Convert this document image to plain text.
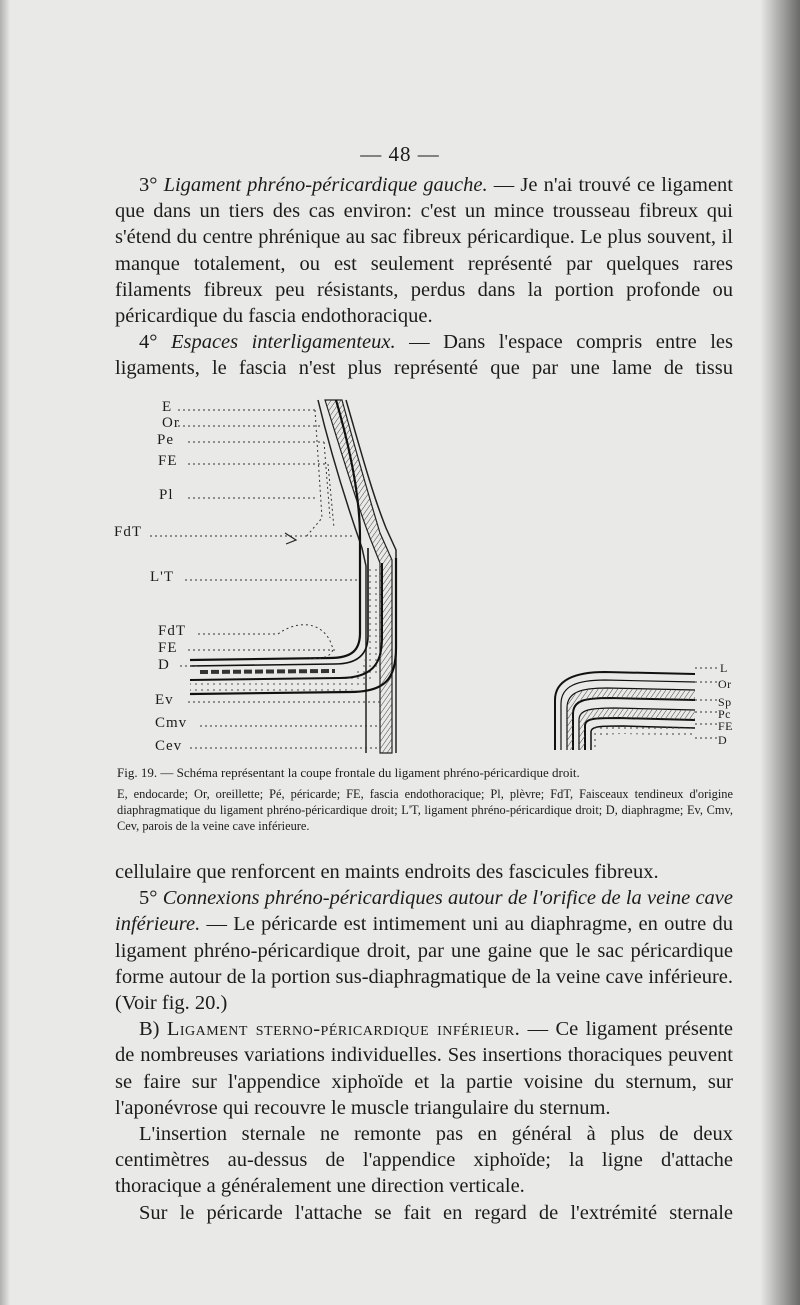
— 48 —

3° Ligament phréno-péricardique gauche. — Je n'ai trouvé ce ligament que dans un tiers des cas environ: c'est un mince trousseau fibreux qui s'étend du centre phrénique au sac fibreux péricardique. Le plus souvent, il manque totalement, ou est seulement représenté par quelques rares filaments fibreux peu résistants, perdus dans la portion profonde ou péricardique du fascia endothoracique.

4° Espaces interligamenteux. — Dans l'espace compris entre les ligaments, le fascia n'est plus représenté que par une lame de tissu

E
Or
Pe
FE
Pl
FdT
L'T
FdT
FE
D
Ev
Cmv
Cev
L
Or
Sp
Pc
FE
D
Fig. 19. — Schéma représentant la coupe frontale du ligament phréno-péricardique droit.
E, endocarde; Or, oreillette; Pé, péricarde; FE, fascia endothoracique; Pl, plèvre; FdT, Faisceaux tendineux d'origine diaphragmatique du ligament phréno-péricardique droit; L'T, ligament phréno-péricardique droit; D, diaphragme; Ev, Cmv, Cev, parois de la veine cave inférieure.

cellulaire que renforcent en maints endroits des fascicules fibreux.

5° Connexions phréno-péricardiques autour de l'orifice de la veine cave inférieure. — Le péricarde est intimement uni au diaphragme, en outre du ligament phréno-péricardique droit, par une gaine que le sac péricardique forme autour de la portion sus-diaphragmatique de la veine cave inférieure. (Voir fig. 20.)

B) Ligament sterno-péricardique inférieur. — Ce ligament présente de nombreuses variations individuelles. Ses insertions thoraciques peuvent se faire sur l'appendice xiphoïde et la partie voisine du sternum, sur l'aponévrose qui recouvre le muscle triangulaire du sternum.

L'insertion sternale ne remonte pas en général à plus de deux centimètres au-dessus de l'appendice xiphoïde; la ligne d'attache thoracique a généralement une direction verticale.

Sur le péricarde l'attache se fait en regard de l'extrémité sternale
